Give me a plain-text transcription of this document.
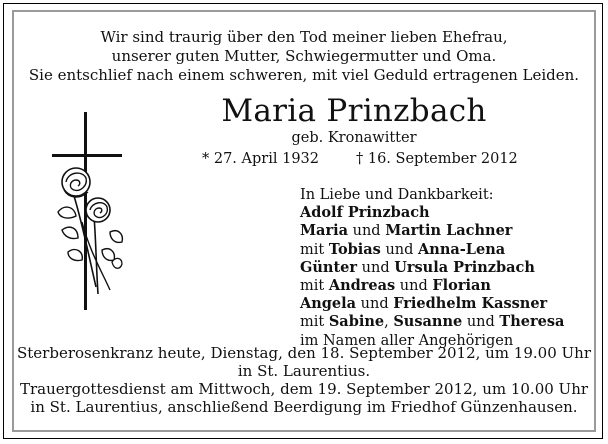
Wir sind traurig über den Tod meiner lieben Ehefrau,
unserer guten Mutter, Schwiegermutter und Oma.
Sie entschlief nach einem schweren, mit viel Geduld ertragenen Leiden.
Maria Prinzbach
geb. Kronawitter
* 27. April 1932	† 16. September 2012
In Liebe und Dankbarkeit:
Adolf Prinzbach
Maria und Martin Lachner
mit Tobias und Anna-Lena
Günter und Ursula Prinzbach
mit Andreas und Florian
Angela und Friedhelm Kassner
mit Sabine, Susanne und Theresa
im Namen aller Angehörigen
Sterberosenkranz heute, Dienstag, den 18. September 2012, um 19.00 Uhr
in St. Laurentius.
Trauergottesdienst am Mittwoch, dem 19. September 2012, um 10.00 Uhr
in St. Laurentius, anschließend Beerdigung im Friedhof Günzenhausen.
